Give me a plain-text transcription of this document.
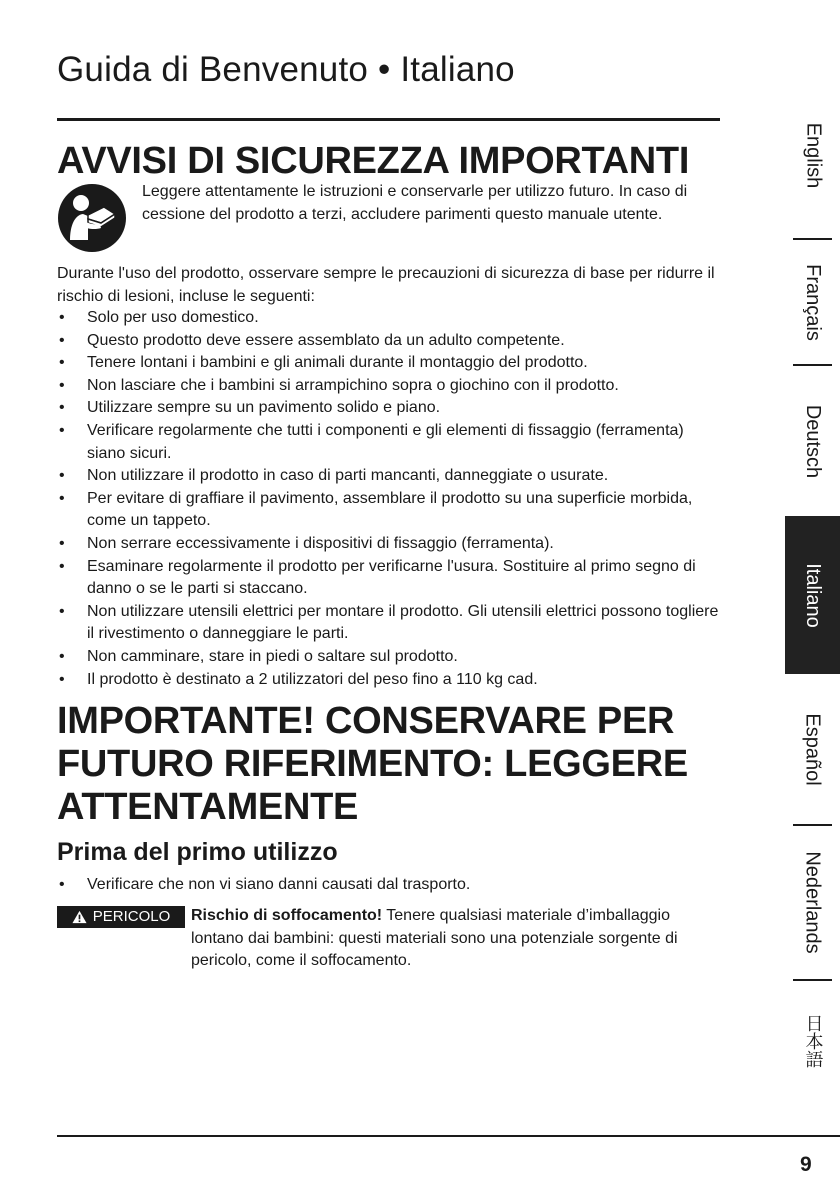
Guida di Benvenuto • Italiano
AVVISI DI SICUREZZA IMPORTANTI
Leggere attentamente le istruzioni e conservarle per utilizzo futuro. In caso di cessione del prodotto a terzi, accludere parimenti questo manuale utente.
Durante l'uso del prodotto, osservare sempre le precauzioni di sicurezza di base per ridurre il rischio di lesioni, incluse le seguenti:
• Solo per uso domestico.
• Questo prodotto deve essere assemblato da un adulto competente.
• Tenere lontani i bambini e gli animali durante il montaggio del prodotto.
• Non lasciare che i bambini si arrampichino sopra o giochino con il prodotto.
• Utilizzare sempre su un pavimento solido e piano.
• Verificare regolarmente che tutti i componenti e gli elementi di fissaggio (ferramenta) siano sicuri.
• Non utilizzare il prodotto in caso di parti mancanti, danneggiate o usurate.
• Per evitare di graffiare il pavimento, assemblare il prodotto su una superficie morbida, come un tappeto.
• Non serrare eccessivamente i dispositivi di fissaggio (ferramenta).
• Esaminare regolarmente il prodotto per verificarne l'usura. Sostituire al primo segno di danno o se le parti si staccano.
• Non utilizzare utensili elettrici per montare il prodotto. Gli utensili elettrici possono togliere il rivestimento o danneggiare le parti.
• Non camminare, stare in piedi o saltare sul prodotto.
• Il prodotto è destinato a 2 utilizzatori del peso fino a 110 kg cad.
IMPORTANTE! CONSERVARE PER FUTURO RIFERIMENTO: LEGGERE ATTENTAMENTE
Prima del primo utilizzo
• Verificare che non vi siano danni causati dal trasporto.
PERICOLO Rischio di soffocamento! Tenere qualsiasi materiale d’imballaggio lontano dai bambini: questi materiali sono una potenziale sorgente di pericolo, come il soffocamento.
English
Français
Deutsch
Italiano
Español
Nederlands
日本語
9
